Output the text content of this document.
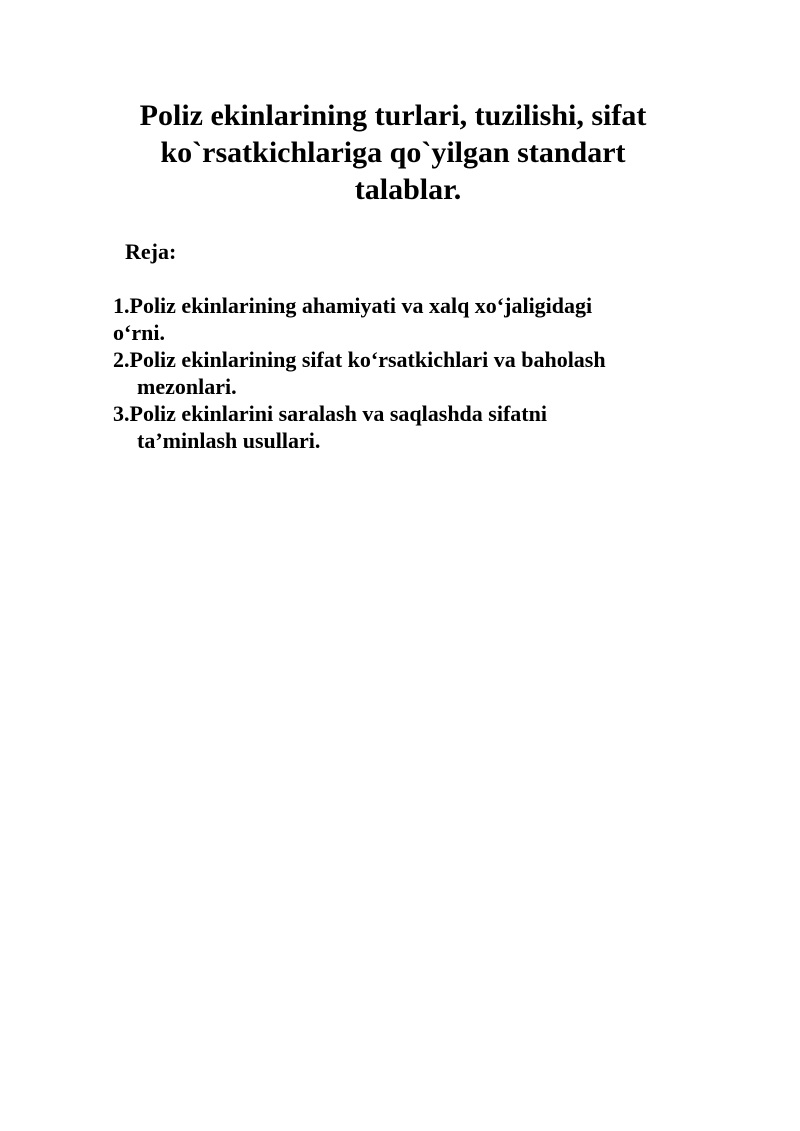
Poliz ekinlarining turlari, tuzilishi, sifat
ko`rsatkichlariga qo`yilgan standart
talablar.

Reja:

1.Poliz ekinlarining ahamiyati va xalq xo‘jaligidagi
o‘rni.
2.Poliz ekinlarining sifat ko‘rsatkichlari va baholash
mezonlari.
3.Poliz ekinlarini saralash va saqlashda sifatni
ta’minlash usullari.
